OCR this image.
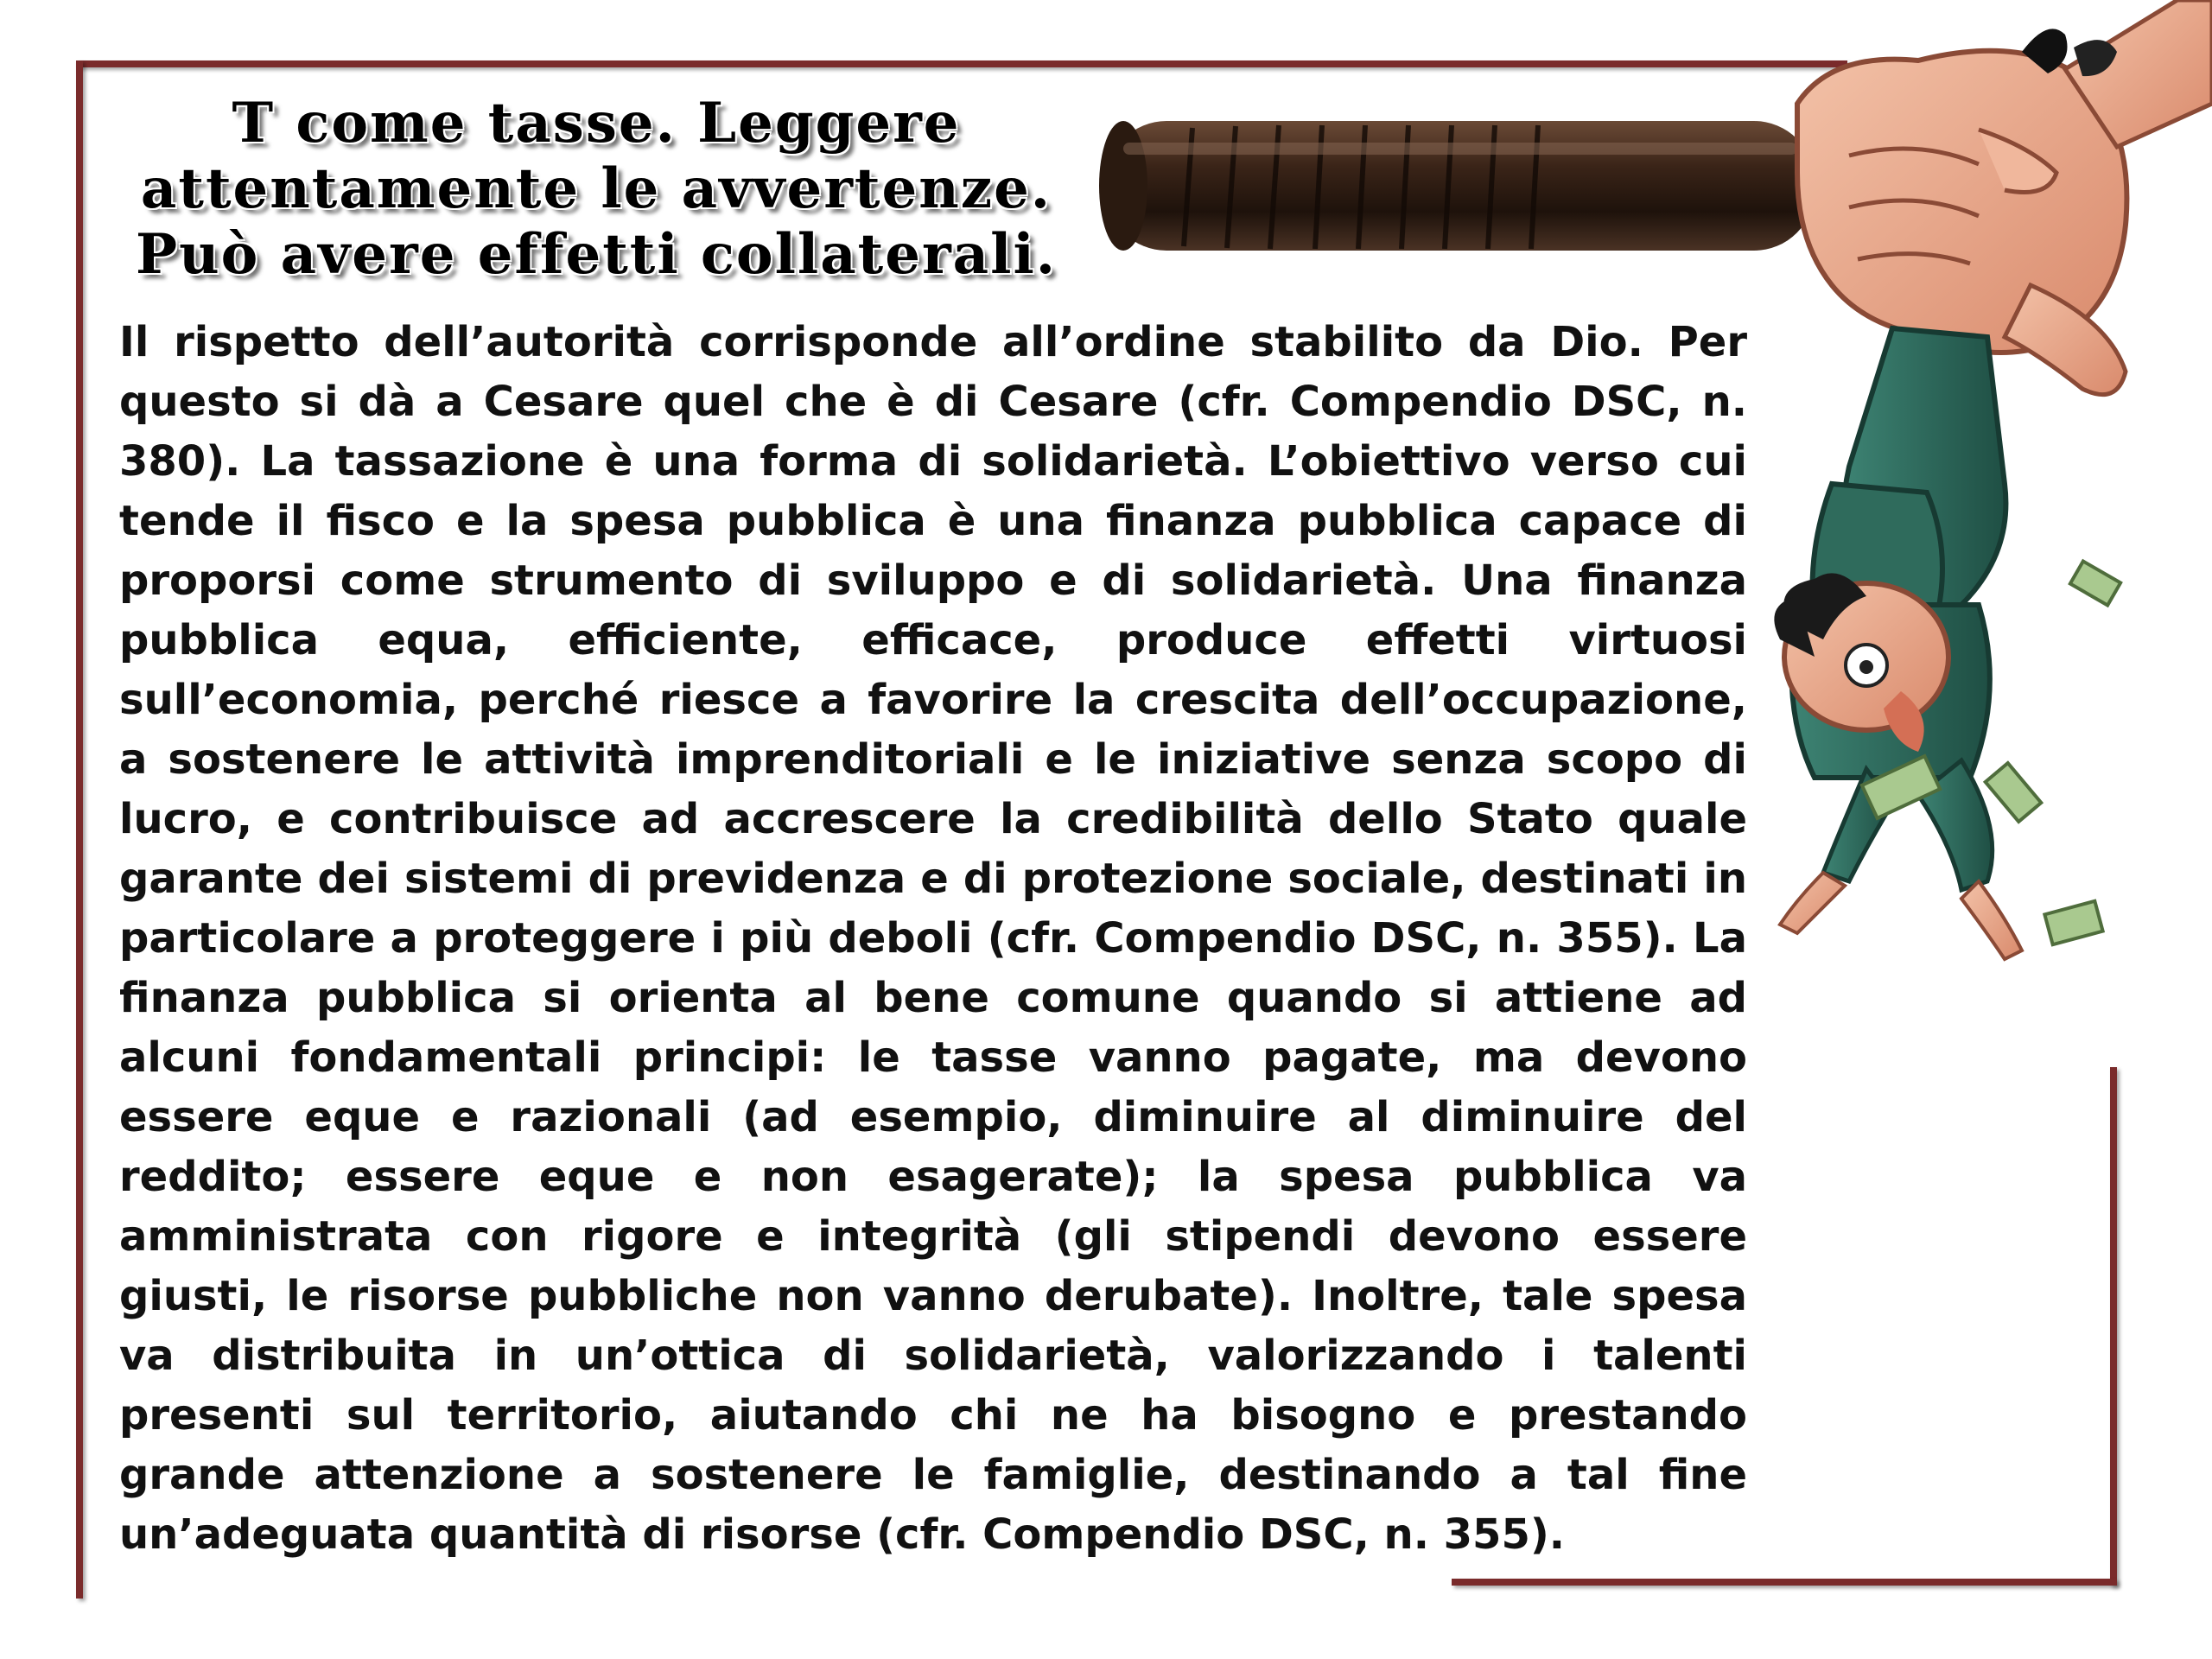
T come tasse. Leggere
attentamente le avvertenze.
Può avere effetti collaterali.

Il rispetto dell’autorità corrisponde all’ordine stabilito da Dio. Per questo si dà a Cesare quel che è di Cesare (cfr. Compendio DSC, n. 380). La tassazione è una forma di solidarietà. L’obiettivo verso cui tende il fisco e la spesa pubblica è una finanza pubblica capace di proporsi come strumento di sviluppo e di solidarietà. Una finanza pubblica equa, efficiente, efficace, produce effetti virtuosi sull’economia, perché riesce a favorire la crescita dell’occupazione, a sostenere le attività imprenditoriali e le iniziative senza scopo di lucro, e contribuisce ad accrescere la credibilità dello Stato quale garante dei sistemi di previdenza e di protezione sociale, destinati in particolare a proteggere i più deboli (cfr. Compendio DSC, n. 355). La finanza pubblica si orienta al bene comune quando si attiene ad alcuni fondamentali principi: le tasse vanno pagate, ma devono essere eque e razionali (ad esempio, diminuire al diminuire del reddito; essere eque e non esagerate); la spesa pubblica va amministrata con rigore e integrità (gli stipendi devono essere giusti, le risorse pubbliche non vanno derubate). Inoltre, tale spesa va distribuita in un’ottica di solidarietà, valorizzando i talenti presenti sul territorio, aiutando chi ne ha bisogno e prestando grande attenzione a sostenere le famiglie, destinando a tal fine un’adeguata quantità di risorse (cfr. Compendio DSC, n. 355).
